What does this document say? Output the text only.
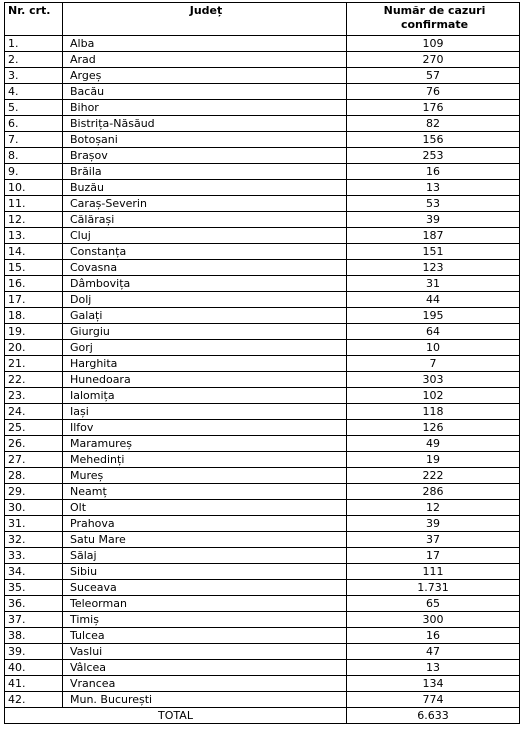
Nr. crt.	Județ	Număr de cazuri
confirmate
1.	Alba	109
2.	Arad	270
3.	Argeș	57
4.	Bacău	76
5.	Bihor	176
6.	Bistrița-Năsăud	82
7.	Botoșani	156
8.	Brașov	253
9.	Brăila	16
10.	Buzău	13
11.	Caraș-Severin	53
12.	Călărași	39
13.	Cluj	187
14.	Constanța	151
15.	Covasna	123
16.	Dâmbovița	31
17.	Dolj	44
18.	Galați	195
19.	Giurgiu	64
20.	Gorj	10
21.	Harghita	7
22.	Hunedoara	303
23.	Ialomița	102
24.	Iași	118
25.	Ilfov	126
26.	Maramureș	49
27.	Mehedinți	19
28.	Mureș	222
29.	Neamț	286
30.	Olt	12
31.	Prahova	39
32.	Satu Mare	37
33.	Sălaj	17
34.	Sibiu	111
35.	Suceava	1.731
36.	Teleorman	65
37.	Timiș	300
38.	Tulcea	16
39.	Vaslui	47
40.	Vâlcea	13
41.	Vrancea	134
42.	Mun. București	774
TOTAL		6.633
